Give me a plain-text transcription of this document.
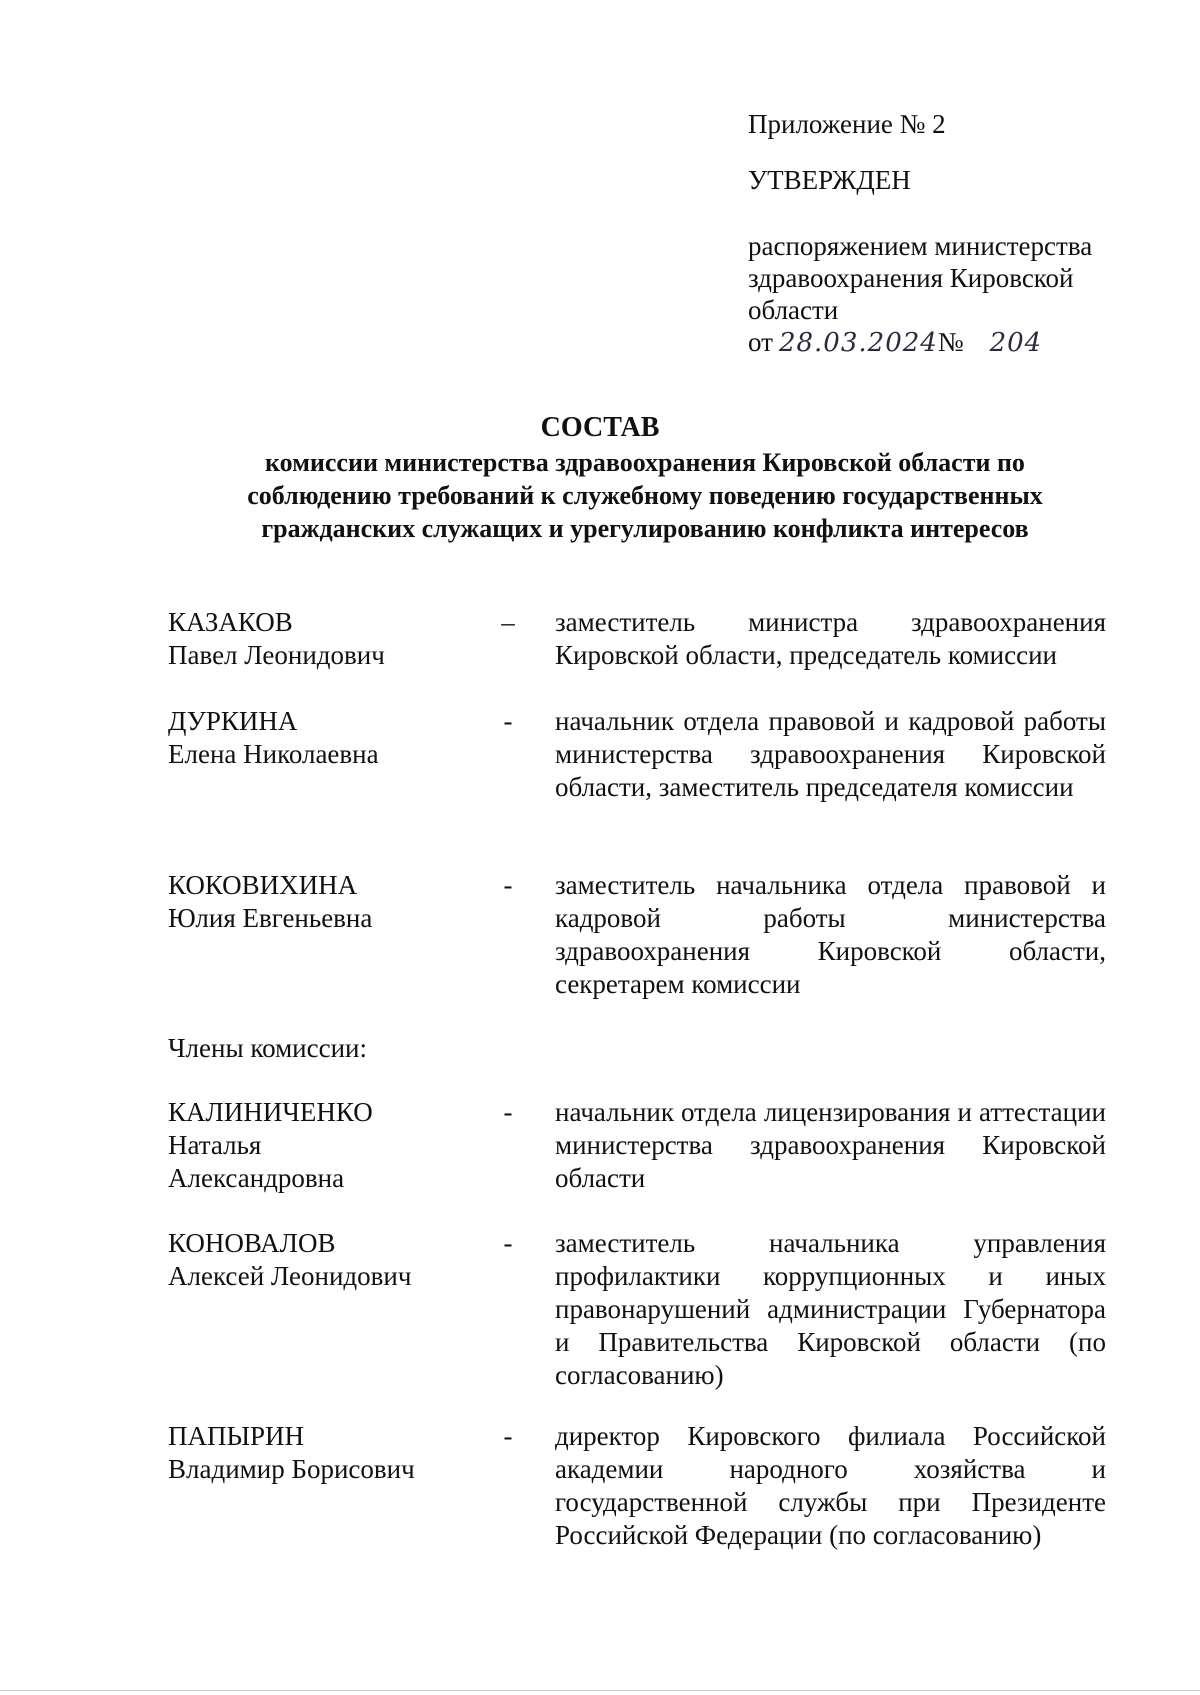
Приложение № 2
УТВЕРЖДЕН
распоряжением министерства
здравоохранения Кировской
области
от 28.03.2024 № 204
СОСТАВ
комиссии министерства здравоохранения Кировской области по
соблюдению требований к служебному поведению государственных
гражданских служащих и урегулированию конфликта интересов
КАЗАКОВ
Павел Леонидович
–	заместитель министра здравоохранения Кировской области, председатель комиссии
ДУРКИНА
Елена Николаевна
-	начальник отдела правовой и кадровой работы министерства здравоохранения Кировской области, заместитель председателя комиссии
КОКОВИХИНА
Юлия Евгеньевна
-	заместитель начальника отдела правовой и кадровой работы министерства здравоохранения Кировской области, секретарем комиссии
Члены комиссии:
КАЛИНИЧЕНКО
Наталья
Александровна
-	начальник отдела лицензирования и аттестации министерства здравоохранения Кировской области
КОНОВАЛОВ
Алексей Леонидович
-	заместитель начальника управления профилактики коррупционных и иных правонарушений администрации Губернатора и Правительства Кировской области (по согласованию)
ПАПЫРИН
Владимир Борисович
-	директор Кировского филиала Российской академии народного хозяйства и государственной службы при Президенте Российской Федерации (по согласованию)
